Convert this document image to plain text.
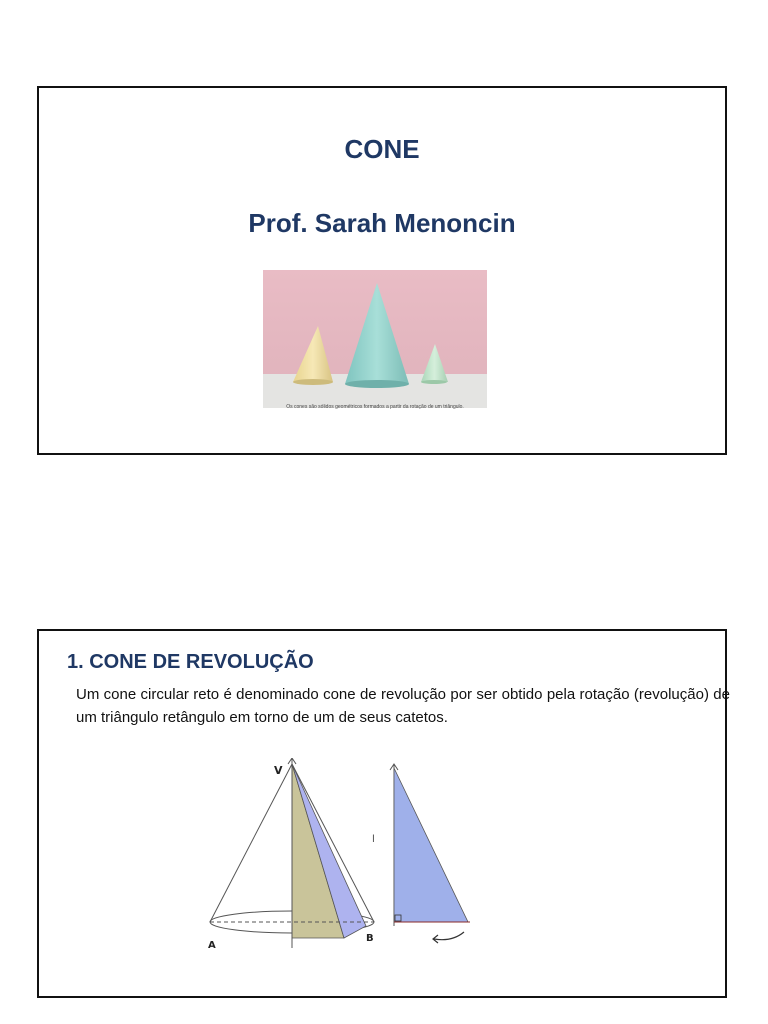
CONE
Prof. Sarah Menoncin
Os cones são sólidos geométricos formados a partir da rotação de um triângulo.
1. CONE DE REVOLUÇÃO
Um cone circular reto é denominado cone de revolução por ser obtido pela rotação (revolução) de um triângulo retângulo em torno de um de seus catetos.
V
A
B
l
